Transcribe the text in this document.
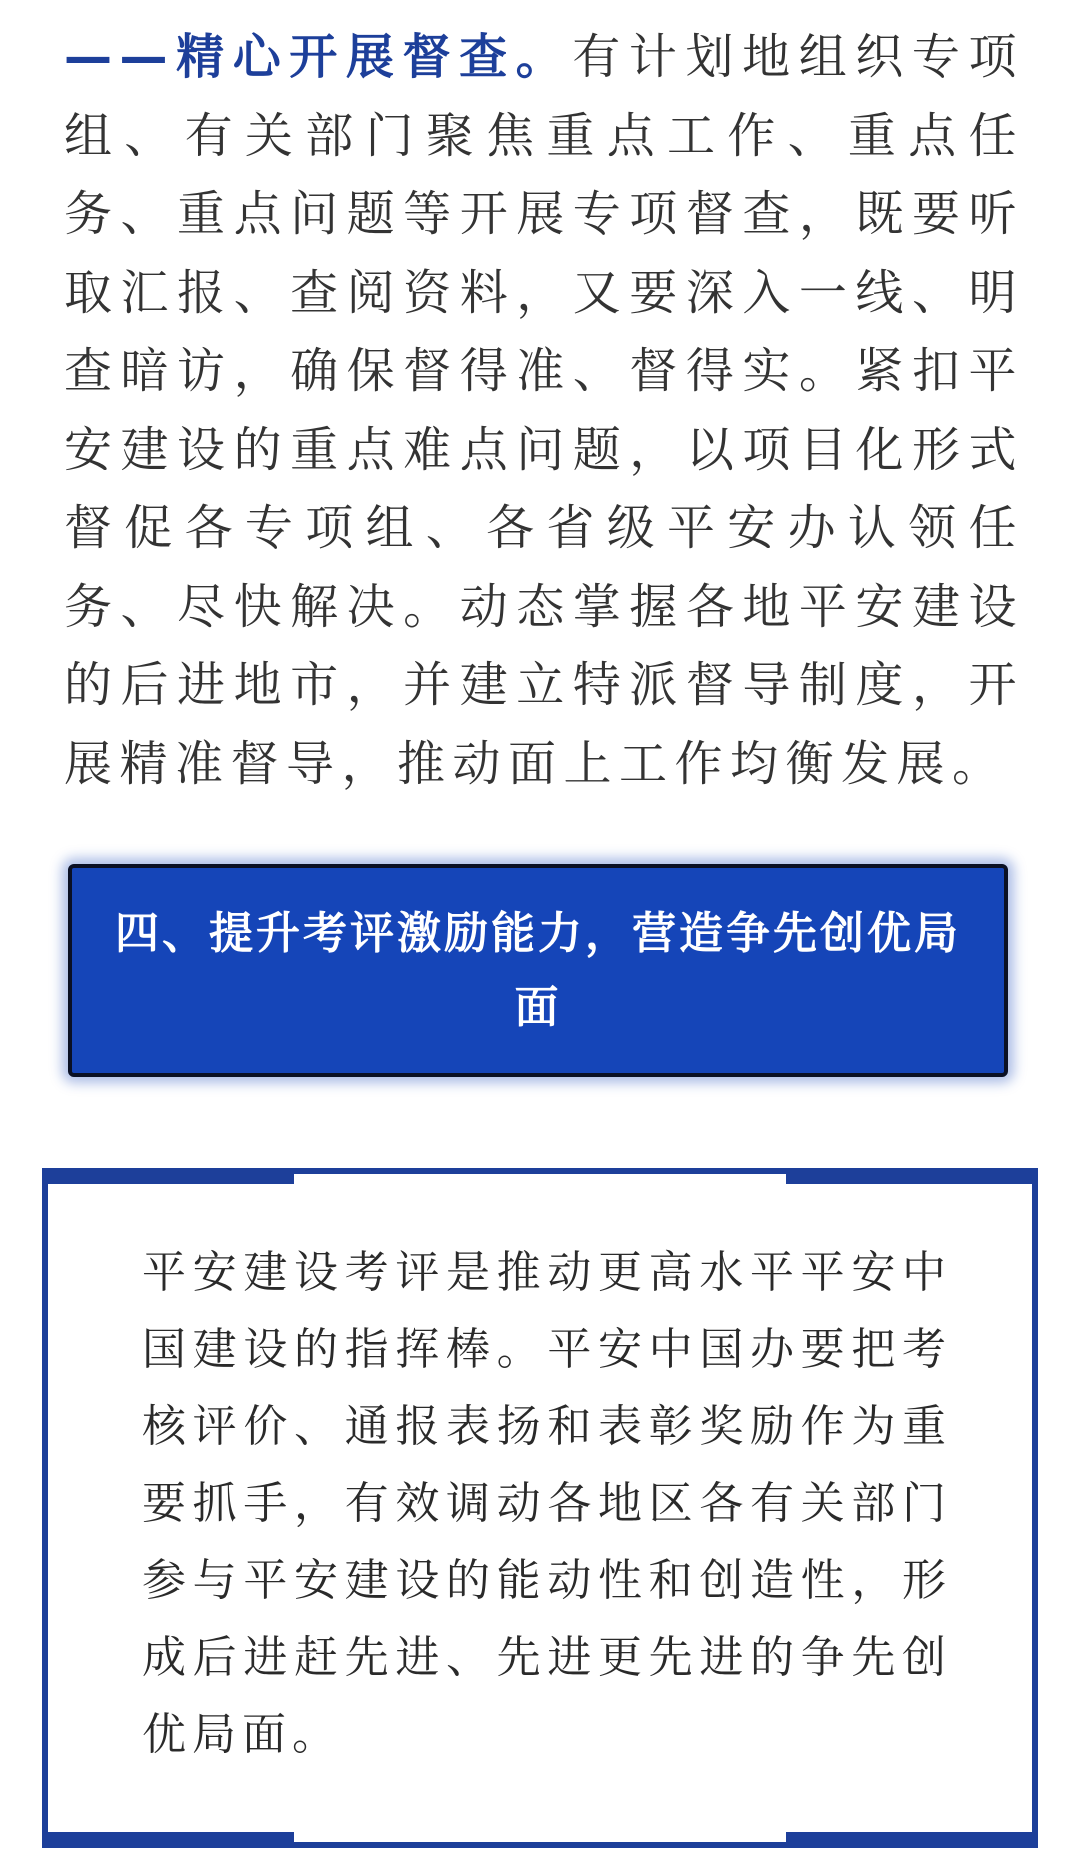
——精心开展督查。有计划地组织专项组、有关部门聚焦重点工作、重点任务、重点问题等开展专项督查，既要听取汇报、查阅资料，又要深入一线、明查暗访，确保督得准、督得实。紧扣平安建设的重点难点问题，以项目化形式督促各专项组、各省级平安办认领任务、尽快解决。动态掌握各地平安建设的后进地市，并建立特派督导制度，开展精准督导，推动面上工作均衡发展。

四、提升考评激励能力，营造争先创优局面

平安建设考评是推动更高水平平安中国建设的指挥棒。平安中国办要把考核评价、通报表扬和表彰奖励作为重要抓手，有效调动各地区各有关部门参与平安建设的能动性和创造性，形成后进赶先进、先进更先进的争先创优局面。
